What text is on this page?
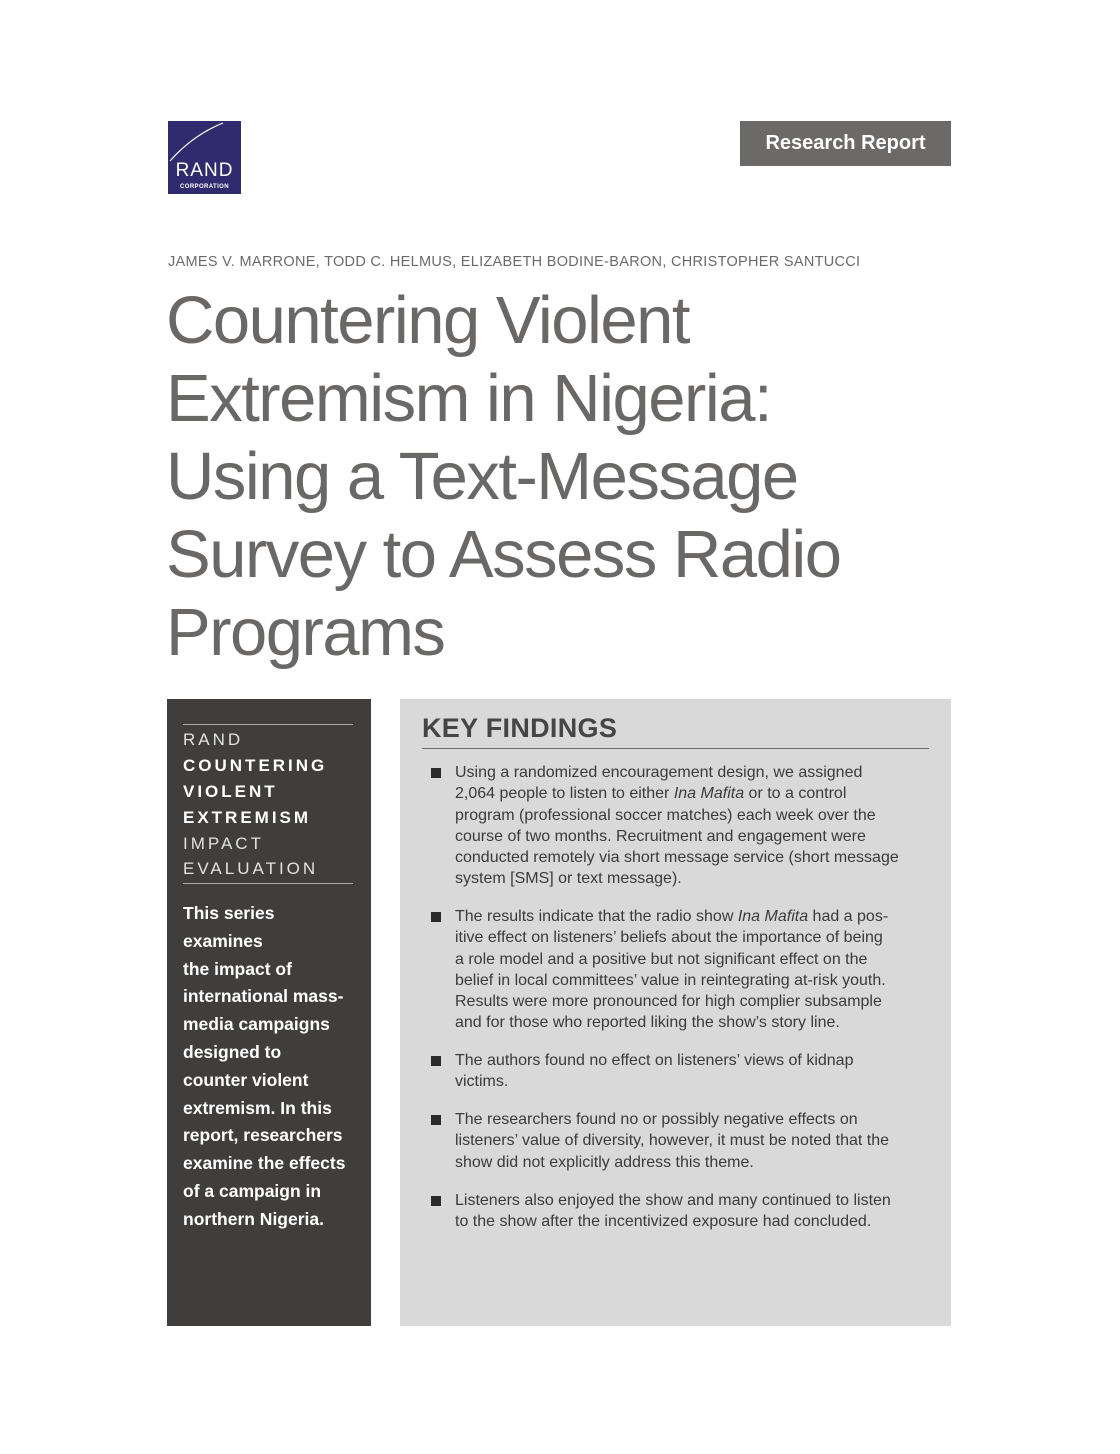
RAND
CORPORATION
Research Report
JAMES V. MARRONE, TODD C. HELMUS, ELIZABETH BODINE-BARON, CHRISTOPHER SANTUCCI
Countering Violent
Extremism in Nigeria:
Using a Text-Message
Survey to Assess Radio
Programs
RAND
COUNTERING
VIOLENT
EXTREMISM
IMPACT
EVALUATION
This series
examines
the impact of
international mass-
media campaigns
designed to
counter violent
extremism. In this
report, researchers
examine the effects
of a campaign in
northern Nigeria.
KEY FINDINGS
Using a randomized encouragement design, we assigned
2,064 people to listen to either Ina Mafita or to a control
program (professional soccer matches) each week over the
course of two months. Recruitment and engagement were
conducted remotely via short message service (short message
system [SMS] or text message).
The results indicate that the radio show Ina Mafita had a pos-
itive effect on listeners’ beliefs about the importance of being
a role model and a positive but not significant effect on the
belief in local committees’ value in reintegrating at-risk youth.
Results were more pronounced for high complier subsample
and for those who reported liking the show’s story line.
The authors found no effect on listeners’ views of kidnap
victims.
The researchers found no or possibly negative effects on
listeners’ value of diversity, however, it must be noted that the
show did not explicitly address this theme.
Listeners also enjoyed the show and many continued to listen
to the show after the incentivized exposure had concluded.
